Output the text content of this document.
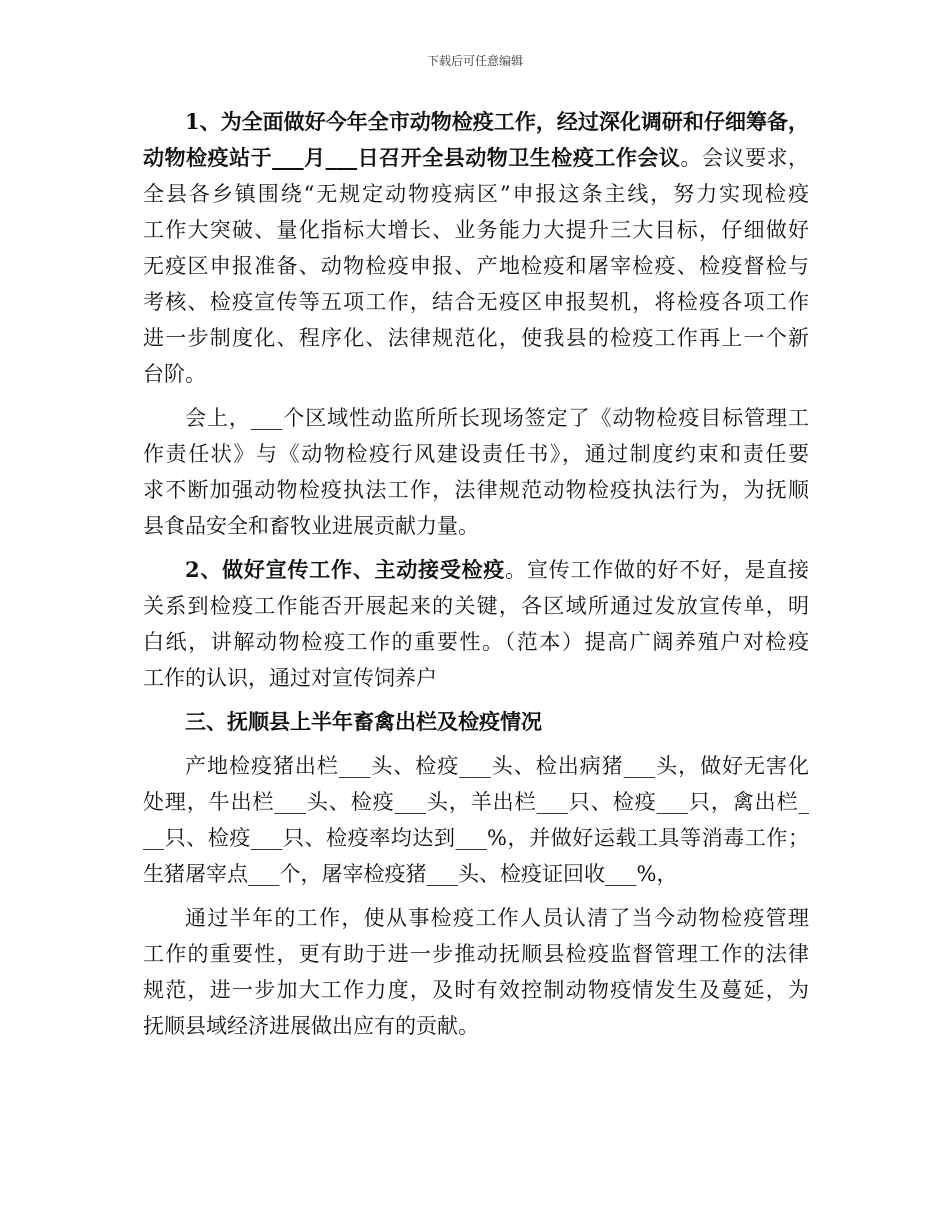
下载后可任意编辑
1、为全面做好今年全市动物检疫工作，经过深化调研和仔细筹备，
动物检疫站于___月___日召开全县动物卫生检疫工作会议。会议要求，
全县各乡镇围绕“无规定动物疫病区”申报这条主线，努力实现检疫
工作大突破、量化指标大增长、业务能力大提升三大目标，仔细做好
无疫区申报准备、动物检疫申报、产地检疫和屠宰检疫、检疫督检与
考核、检疫宣传等五项工作，结合无疫区申报契机，将检疫各项工作
进一步制度化、程序化、法律规范化，使我县的检疫工作再上一个新
台阶。
会上，___个区域性动监所所长现场签定了《动物检疫目标管理工
作责任状》与《动物检疫行风建设责任书》，通过制度约束和责任要
求不断加强动物检疫执法工作，法律规范动物检疫执法行为，为抚顺
县食品安全和畜牧业进展贡献力量。
2、做好宣传工作、主动接受检疫。宣传工作做的好不好，是直接
关系到检疫工作能否开展起来的关键，各区域所通过发放宣传单，明
白纸，讲解动物检疫工作的重要性。（范本）提高广阔养殖户对检疫
工作的认识，通过对宣传饲养户
三、抚顺县上半年畜禽出栏及检疫情况
产地检疫猪出栏___头、检疫___头、检出病猪___头，做好无害化
处理，牛出栏___头、检疫___头，羊出栏___只、检疫___只，禽出栏_
__只、检疫___只、检疫率均达到___%，并做好运载工具等消毒工作；
生猪屠宰点___个，屠宰检疫猪___头、检疫证回收___%，
通过半年的工作，使从事检疫工作人员认清了当今动物检疫管理
工作的重要性，更有助于进一步推动抚顺县检疫监督管理工作的法律
规范，进一步加大工作力度，及时有效控制动物疫情发生及蔓延，为
抚顺县域经济进展做出应有的贡献。
